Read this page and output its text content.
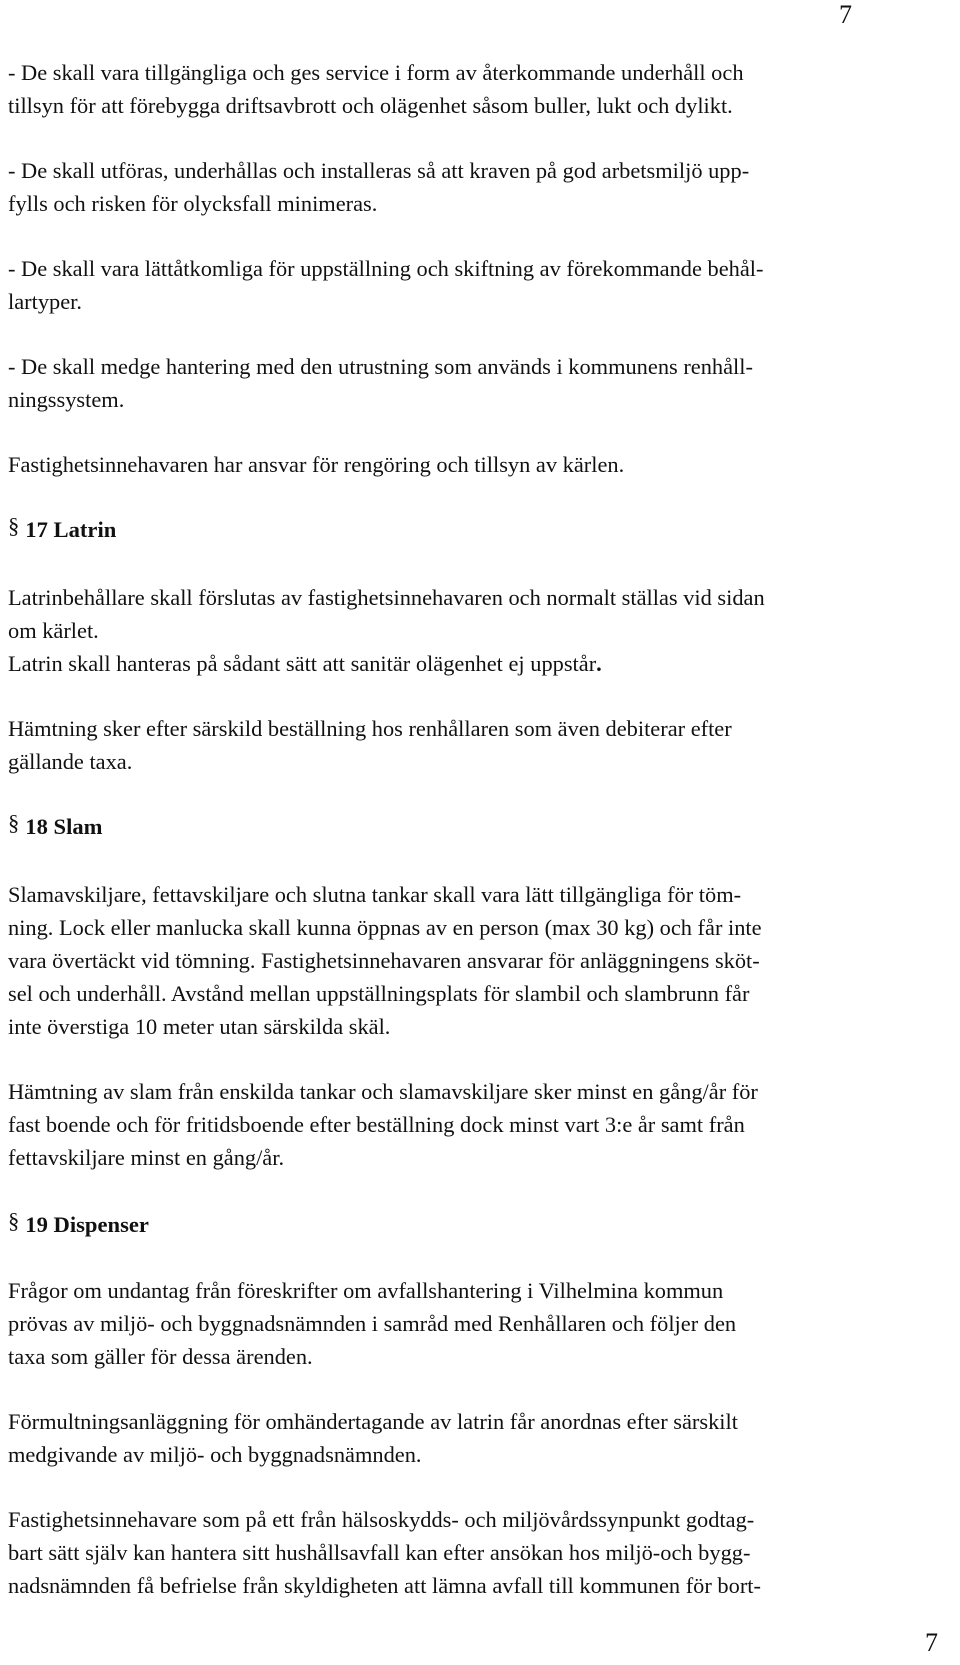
7
- De skall vara tillgängliga och ges service i form av återkommande underhåll och
tillsyn för att förebygga driftsavbrott och olägenhet såsom buller, lukt och dylikt.
- De skall utföras, underhållas och installeras så att kraven på god arbetsmiljö upp-
fylls och risken för olycksfall minimeras.
- De skall vara lättåtkomliga för uppställning och skiftning av förekommande behål-
lartyper.
- De skall medge hantering med den utrustning som används i kommunens renhåll-
ningssystem.
Fastighetsinnehavaren har ansvar för rengöring och tillsyn av kärlen.
§ 17 Latrin
Latrinbehållare skall förslutas av fastighetsinnehavaren och normalt ställas vid sidan
om kärlet.
Latrin skall hanteras på sådant sätt att sanitär olägenhet ej uppstår.
Hämtning sker efter särskild beställning hos renhållaren som även debiterar efter
gällande taxa.
§ 18 Slam
Slamavskiljare, fettavskiljare och slutna tankar skall vara lätt tillgängliga för töm-
ning. Lock eller manlucka skall kunna öppnas av en person (max 30 kg) och får inte
vara övertäckt vid tömning. Fastighetsinnehavaren ansvarar för anläggningens sköt-
sel och underhåll. Avstånd mellan uppställningsplats för slambil och slambrunn får
inte överstiga 10 meter utan särskilda skäl.
Hämtning av slam från enskilda tankar och slamavskiljare sker minst en gång/år för
fast boende och för fritidsboende efter beställning dock minst vart 3:e år samt från
fettavskiljare minst en gång/år.
§ 19 Dispenser
Frågor om undantag från föreskrifter om avfallshantering i Vilhelmina kommun
prövas av miljö- och byggnadsnämnden i samråd med Renhållaren och följer den
taxa som gäller för dessa ärenden.
Förmultningsanläggning för omhändertagande av latrin får anordnas efter särskilt
medgivande av miljö- och byggnadsnämnden.
Fastighetsinnehavare som på ett från hälsoskydds- och miljövårdssynpunkt godtag-
bart sätt själv kan hantera sitt hushållsavfall kan efter ansökan hos miljö-och bygg-
nadsnämnden få befrielse från skyldigheten att lämna avfall till kommunen för bort-
7
